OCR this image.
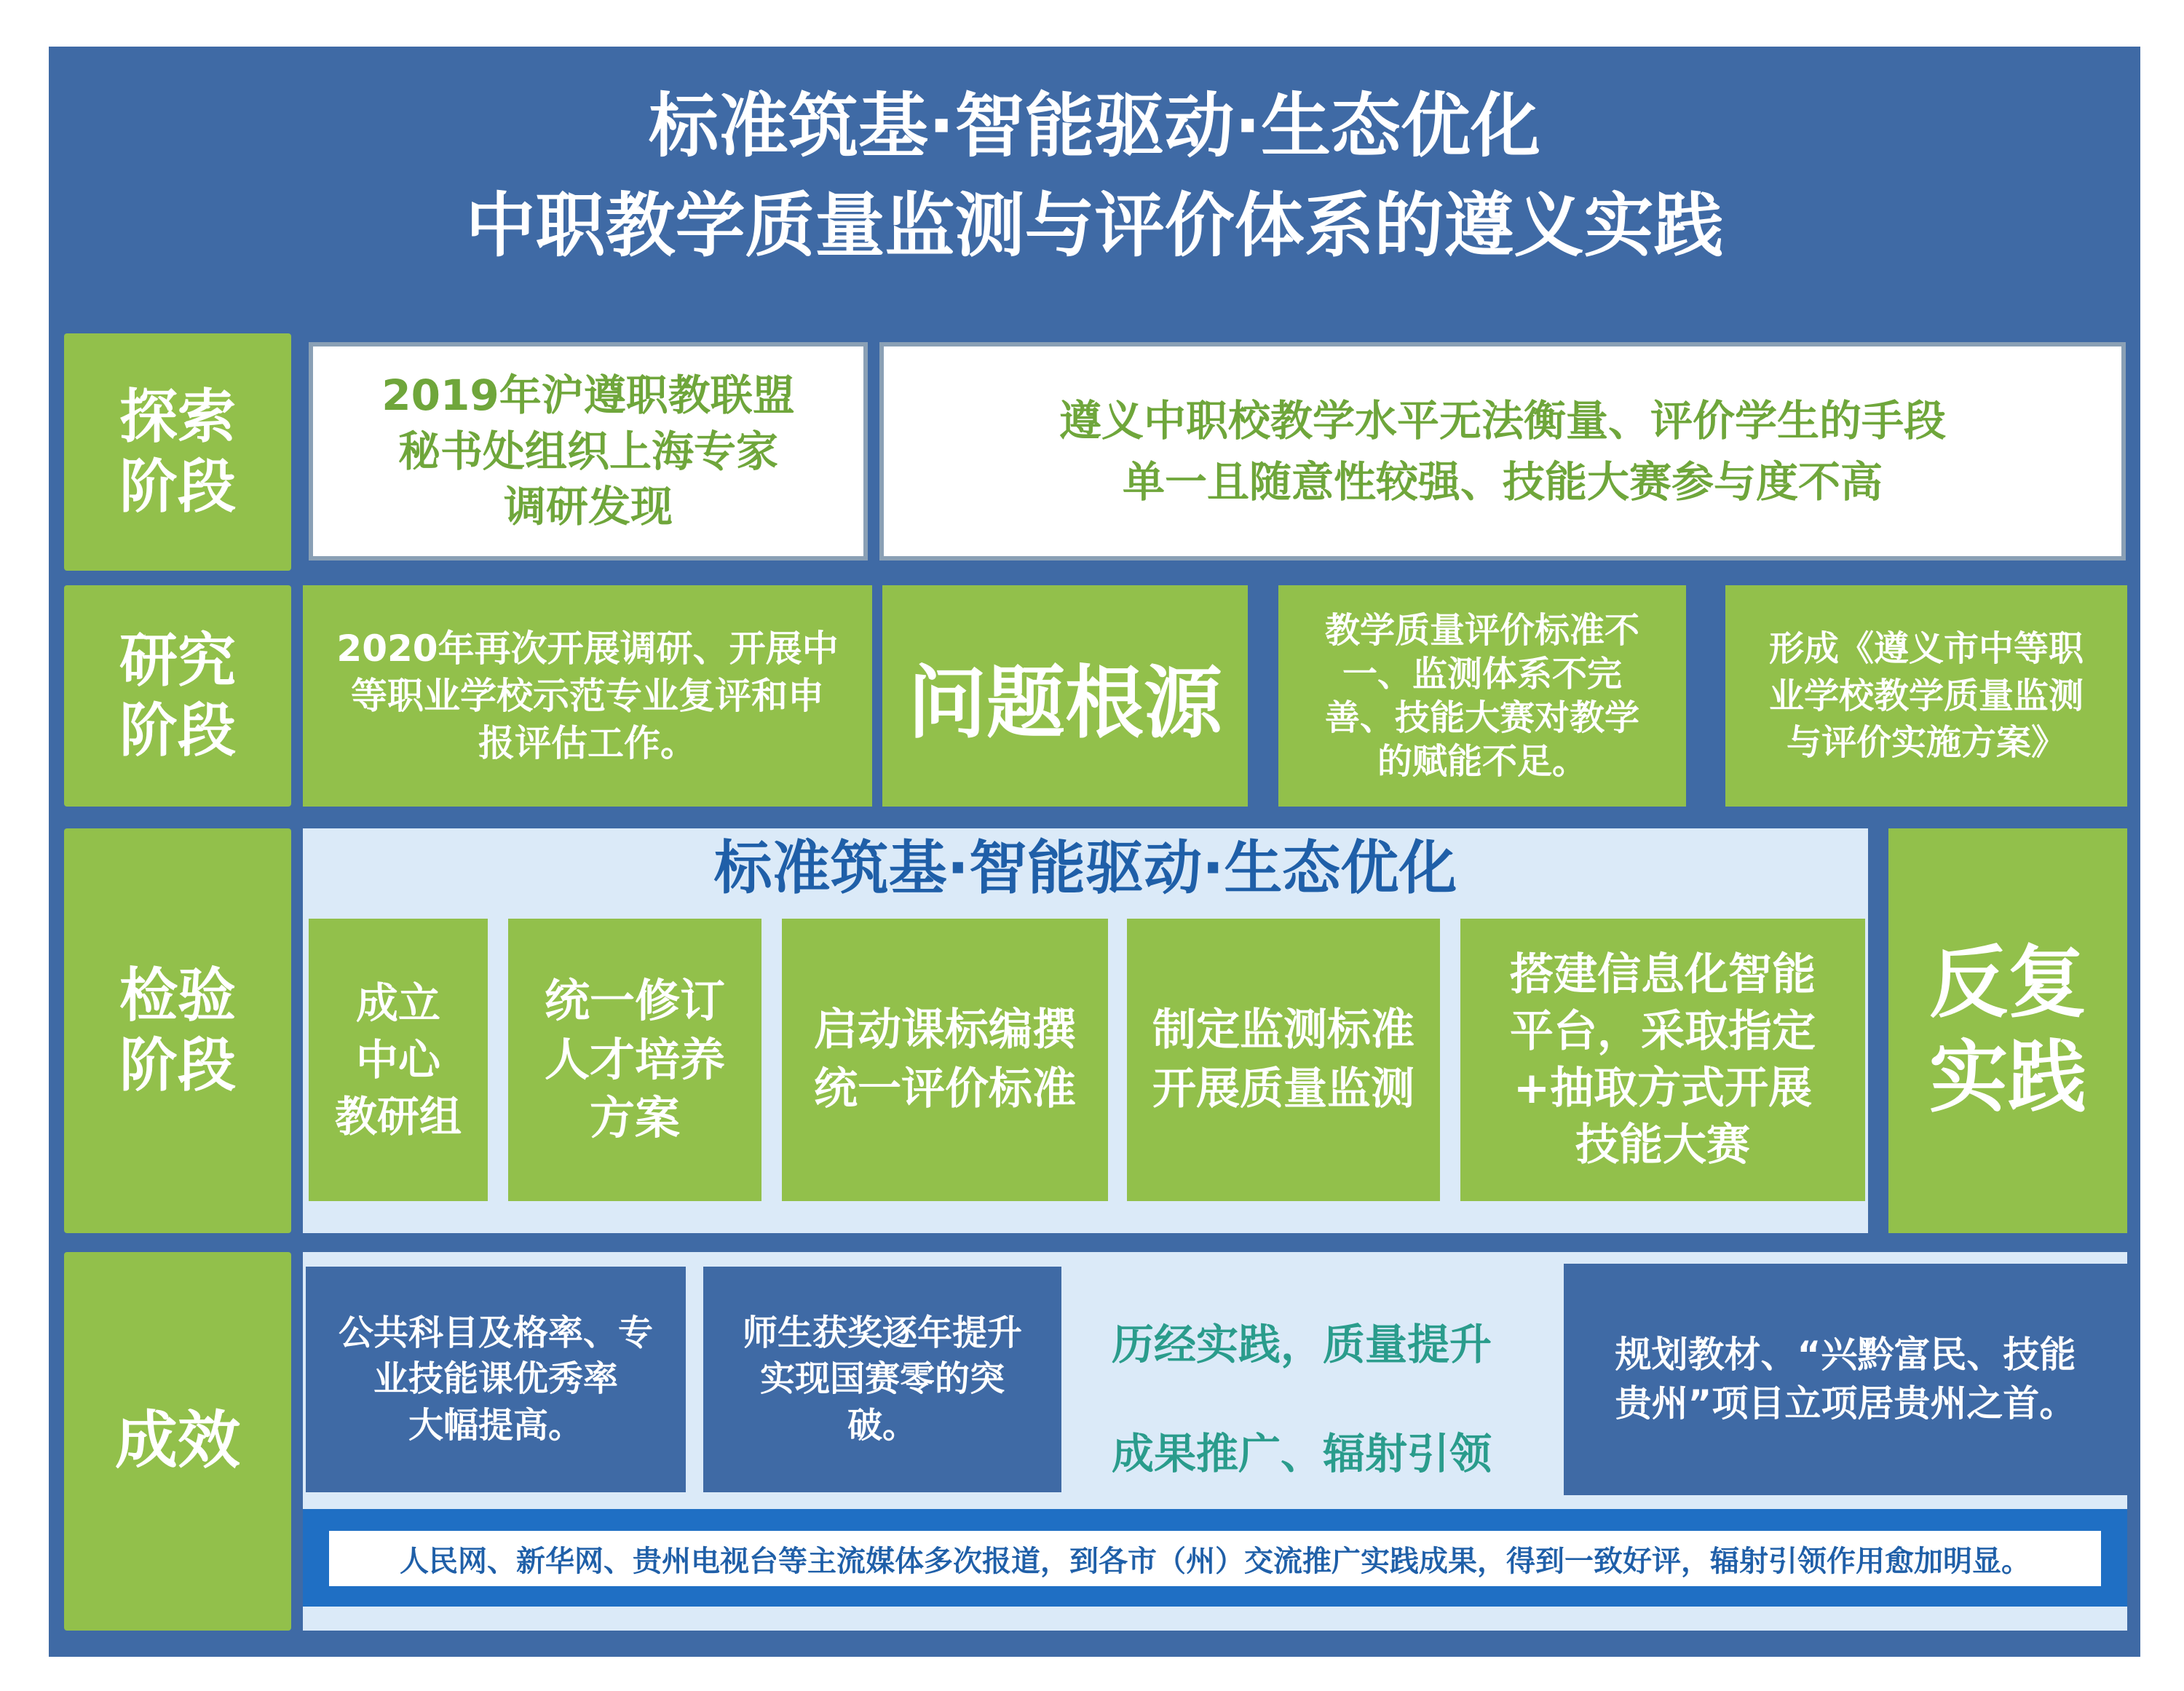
标准筑基·智能驱动·生态优化
中职教学质量监测与评价体系的遵义实践
探索
阶段
2019年沪遵职教联盟
秘书处组织上海专家
调研发现
遵义中职校教学水平无法衡量、评价学生的手段
单一且随意性较强、技能大赛参与度不高
研究
阶段
2020年再次开展调研、开展中
等职业学校示范专业复评和申
报评估工作。	问题根源
教学质量评价标准不
一、监测体系不完
善、技能大赛对教学
的赋能不足。
形成《遵义市中等职
业学校教学质量监测
与评价实施方案》
检验
阶段
标准筑基·智能驱动·生态优化
成立
中心
教研组
统一修订
人才培养
方案
启动课标编撰
统一评价标准
制定监测标准
开展质量监测
搭建信息化智能
平台，采取指定
+抽取方式开展
技能大赛
反复
实践
成效
公共科目及格率、专
业技能课优秀率
大幅提高。
师生获奖逐年提升
实现国赛零的突
破。
历经实践，质量提升
成果推广、辐射引领
规划教材、“兴黔富民、技能
贵州”项目立项居贵州之首。
人民网、新华网、贵州电视台等主流媒体多次报道，到各市（州）交流推广实践成果，得到一致好评，辐射引领作用愈加明显。
